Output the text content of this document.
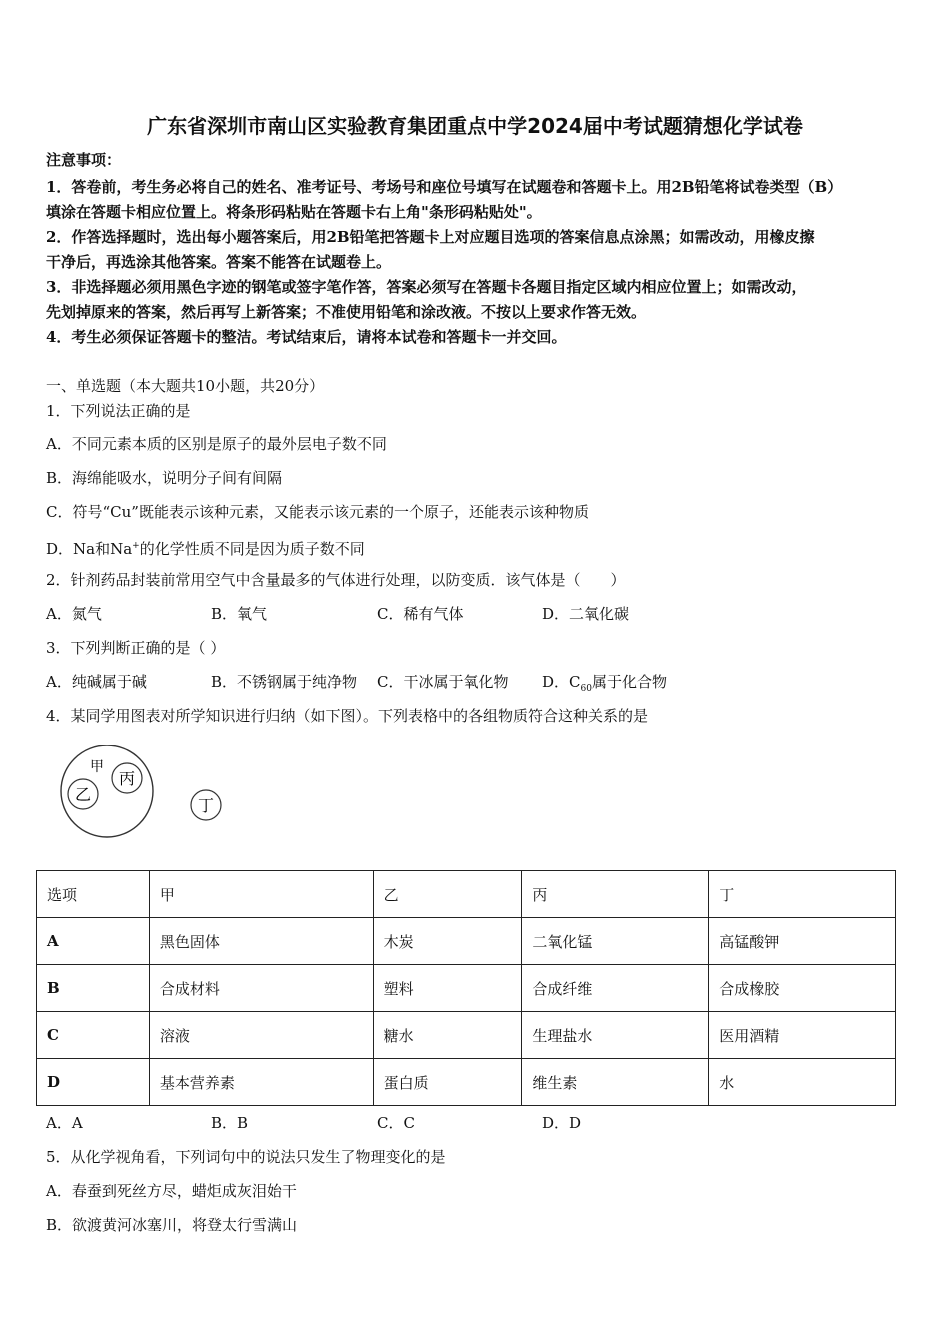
广东省深圳市南山区实验教育集团重点中学2024届中考试题猜想化学试卷
注意事项：
1．答卷前，考生务必将自己的姓名、准考证号、考场号和座位号填写在试题卷和答题卡上。用2B铅笔将试卷类型（B）
填涂在答题卡相应位置上。将条形码粘贴在答题卡右上角"条形码粘贴处"。
2．作答选择题时，选出每小题答案后，用2B铅笔把答题卡上对应题目选项的答案信息点涂黑；如需改动，用橡皮擦
干净后，再选涂其他答案。答案不能答在试题卷上。
3．非选择题必须用黑色字迹的钢笔或签字笔作答，答案必须写在答题卡各题目指定区域内相应位置上；如需改动，
先划掉原来的答案，然后再写上新答案；不准使用铅笔和涂改液。不按以上要求作答无效。
4．考生必须保证答题卡的整洁。考试结束后，请将本试卷和答题卡一并交回。
一、单选题（本大题共10小题，共20分）
1．下列说法正确的是
A．不同元素本质的区别是原子的最外层电子数不同
B．海绵能吸水，说明分子间有间隔
C．符号“Cu”既能表示该种元素，又能表示该元素的一个原子，还能表示该种物质
D．Na和Na+的化学性质不同是因为质子数不同
2．针剂药品封装前常用空气中含量最多的气体进行处理，以防变质．该气体是（　　）
A．氮气	B．氧气	C．稀有气体	D．二氧化碳
3．下列判断正确的是（ ）
A．纯碱属于碱	B．不锈钢属于纯净物 C．干冰属于氧化物 D．$C_{60}$属于化合物
4．某同学用图表对所学知识进行归纳（如下图）。下列表格中的各组物质符合这种关系的是
甲
乙
丙
丁
选项	甲	乙	丙	丁
A	黑色固体	木炭	二氧化锰	高锰酸钾
B	合成材料	塑料	合成纤维	合成橡胶
C	溶液	糖水	生理盐水	医用酒精
D	基本营养素	蛋白质	维生素	水
A．A	B．B	C．C	D．D
5．从化学视角看，下列词句中的说法只发生了物理变化的是
A．春蚕到死丝方尽，蜡炬成灰泪始干
B．欲渡黄河冰塞川，将登太行雪满山
